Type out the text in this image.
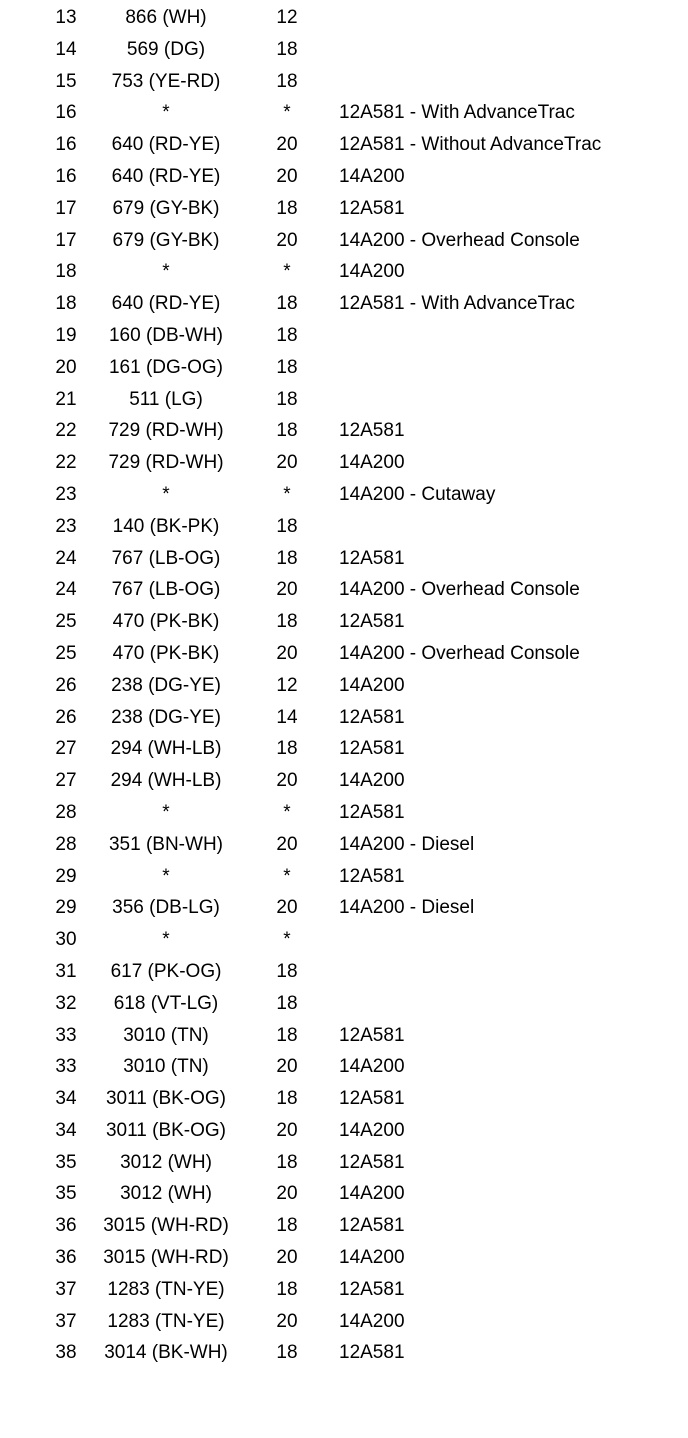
13	866 (WH)	12
14	569 (DG)	18
15	753 (YE-RD)	18
16	*	*	12A581 - With AdvanceTrac
16	640 (RD-YE)	20	12A581 - Without AdvanceTrac
16	640 (RD-YE)	20	14A200
17	679 (GY-BK)	18	12A581
17	679 (GY-BK)	20	14A200 - Overhead Console
18	*	*	14A200
18	640 (RD-YE)	18	12A581 - With AdvanceTrac
19	160 (DB-WH)	18
20	161 (DG-OG)	18
21	511 (LG)	18
22	729 (RD-WH)	18	12A581
22	729 (RD-WH)	20	14A200
23	*	*	14A200 - Cutaway
23	140 (BK-PK)	18
24	767 (LB-OG)	18	12A581
24	767 (LB-OG)	20	14A200 - Overhead Console
25	470 (PK-BK)	18	12A581
25	470 (PK-BK)	20	14A200 - Overhead Console
26	238 (DG-YE)	12	14A200
26	238 (DG-YE)	14	12A581
27	294 (WH-LB)	18	12A581
27	294 (WH-LB)	20	14A200
28	*	*	12A581
28	351 (BN-WH)	20	14A200 - Diesel
29	*	*	12A581
29	356 (DB-LG)	20	14A200 - Diesel
30	*	*
31	617 (PK-OG)	18
32	618 (VT-LG)	18
33	3010 (TN)	18	12A581
33	3010 (TN)	20	14A200
34	3011 (BK-OG)	18	12A581
34	3011 (BK-OG)	20	14A200
35	3012 (WH)	18	12A581
35	3012 (WH)	20	14A200
36	3015 (WH-RD)	18	12A581
36	3015 (WH-RD)	20	14A200
37	1283 (TN-YE)	18	12A581
37	1283 (TN-YE)	20	14A200
38	3014 (BK-WH)	18	12A581
